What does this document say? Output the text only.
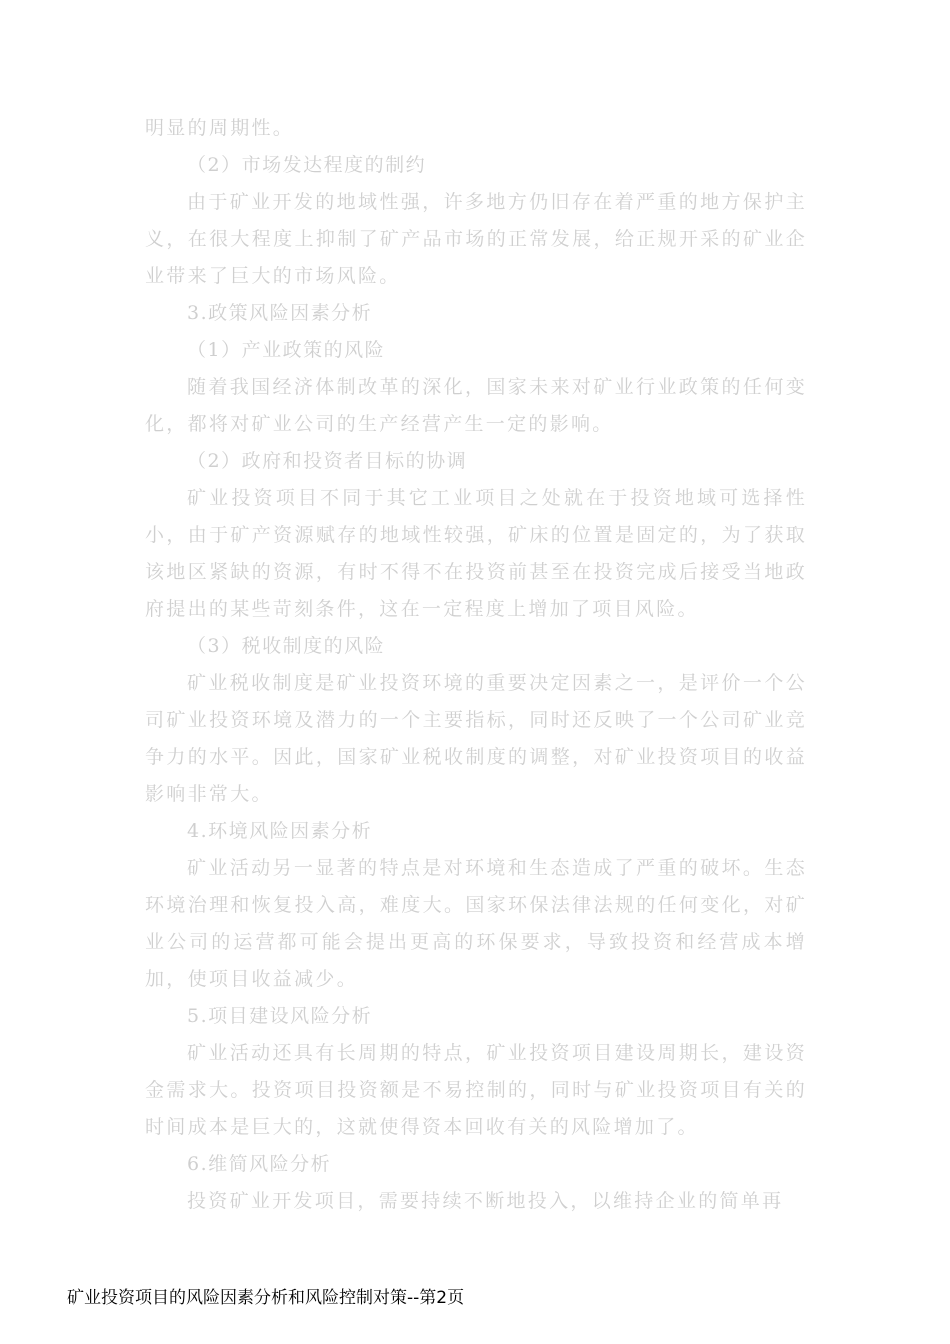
明显的周期性。

（2）市场发达程度的制约

由于矿业开发的地域性强，许多地方仍旧存在着严重的地方保护主义，在很大程度上抑制了矿产品市场的正常发展，给正规开采的矿业企业带来了巨大的市场风险。

3.政策风险因素分析

（1）产业政策的风险

随着我国经济体制改革的深化，国家未来对矿业行业政策的任何变化，都将对矿业公司的生产经营产生一定的影响。

（2）政府和投资者目标的协调

矿业投资项目不同于其它工业项目之处就在于投资地域可选择性小，由于矿产资源赋存的地域性较强，矿床的位置是固定的，为了获取该地区紧缺的资源，有时不得不在投资前甚至在投资完成后接受当地政府提出的某些苛刻条件，这在一定程度上增加了项目风险。

（3）税收制度的风险

矿业税收制度是矿业投资环境的重要决定因素之一，是评价一个公司矿业投资环境及潜力的一个主要指标，同时还反映了一个公司矿业竞争力的水平。因此，国家矿业税收制度的调整，对矿业投资项目的收益影响非常大。

4.环境风险因素分析

矿业活动另一显著的特点是对环境和生态造成了严重的破坏。生态环境治理和恢复投入高，难度大。国家环保法律法规的任何变化，对矿业公司的运营都可能会提出更高的环保要求，导致投资和经营成本增加，使项目收益减少。

5.项目建设风险分析

矿业活动还具有长周期的特点，矿业投资项目建设周期长，建设资金需求大。投资项目投资额是不易控制的，同时与矿业投资项目有关的时间成本是巨大的，这就使得资本回收有关的风险增加了。

6.维简风险分析

投资矿业开发项目，需要持续不断地投入，以维持企业的简单再

矿业投资项目的风险因素分析和风险控制对策--第2页
